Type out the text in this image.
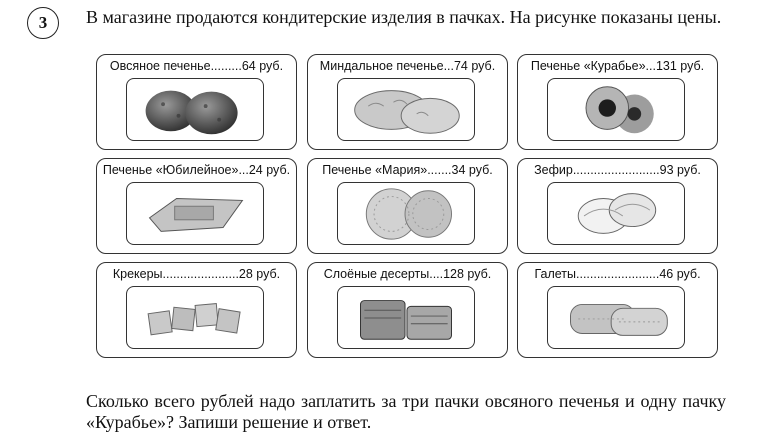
3	В магазине продаются кондитерские изделия в пачках. На рисунке показаны цены.
Овсяное печенье.........64 руб.	Миндальное печенье...74 руб.	Печенье «Курабье»...131 руб.
Печенье «Юбилейное»...24 руб.	Печенье «Мария».......34 руб.	Зефир.........................93 руб.
Крекеры......................28 руб.	Слоёные десерты....128 руб.	Галеты........................46 руб.
Сколько всего рублей надо заплатить за три пачки овсяного печенья и одну пачку «Курабье»? Запиши решение и ответ.
